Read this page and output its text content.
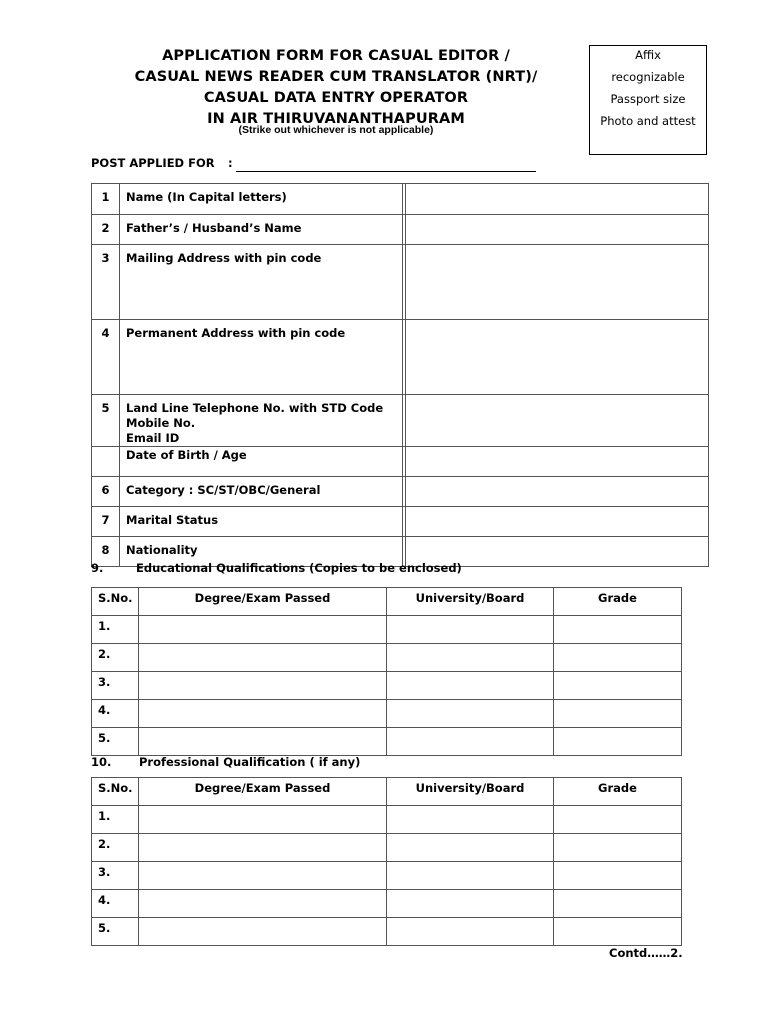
APPLICATION FORM FOR CASUAL EDITOR /
CASUAL NEWS READER CUM TRANSLATOR (NRT)/
CASUAL DATA ENTRY OPERATOR
IN AIR THIRUVANANTHAPURAM
(Strike out whichever is not applicable)
Affix
recognizable
Passport size
Photo and attest
POST APPLIED FOR :
1	Name (In Capital letters)		
2	Father’s / Husband’s Name		
3	Mailing Address with pin code		
4	Permanent Address with pin code		
5	Land Line Telephone No. with STD Code
Mobile No.
Email ID		

	Date of Birth / Age		
6	Category : SC/ST/OBC/General		
7	Marital Status		
8	Nationality		
9.	Educational Qualifications (Copies to be enclosed)
S.No.	Degree/Exam Passed	University/Board	Grade
1.			
2.			
3.			
4.			
5.			
10. Professional Qualification ( if any)
S.No.	Degree/Exam Passed	University/Board	Grade
1.			
2.			
3.			
4.			
5.			
Contd……2.
